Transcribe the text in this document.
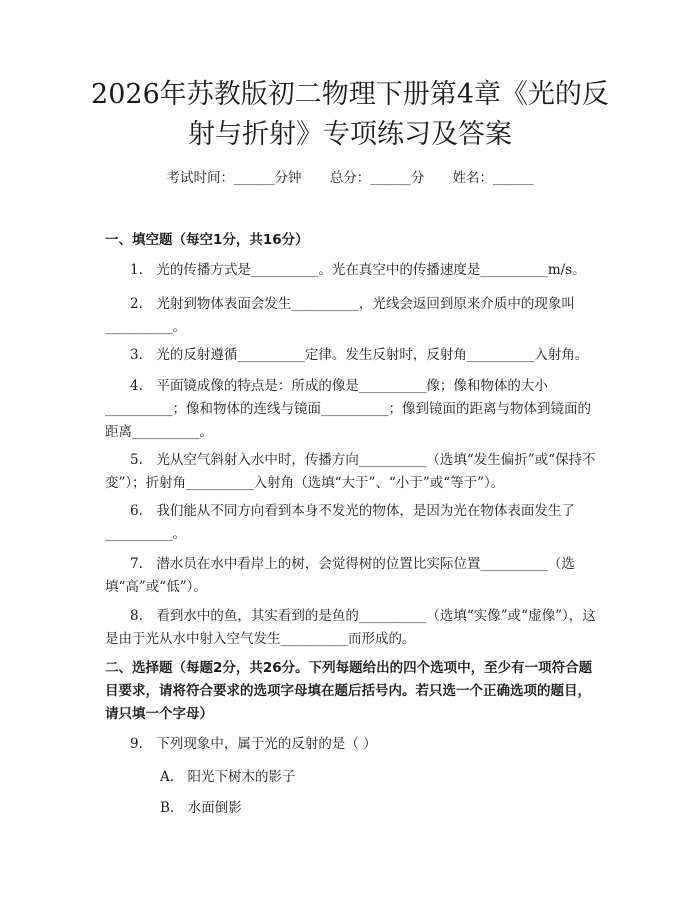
2026年苏教版初二物理下册第4章《光的反
射与折射》专项练习及答案
考试时间：______分钟 总分：______分 姓名：______
一、填空题（每空1分，共16分）
1.　光的传播方式是__________。光在真空中的传播速度是__________m/s。
2.　光射到物体表面会发生__________，光线会返回到原来介质中的现象叫__________。
3.　光的反射遵循__________定律。发生反射时，反射角__________入射角。
4.　平面镜成像的特点是：所成的像是__________像；像和物体的大小__________；像和物体的连线与镜面__________；像到镜面的距离与物体到镜面的距离__________。
5.　光从空气斜射入水中时，传播方向__________（选填“发生偏折”或“保持不变”）；折射角__________入射角（选填“大于”、“小于”或“等于”）。
6.　我们能从不同方向看到本身不发光的物体，是因为光在物体表面发生了__________。
7.　潜水员在水中看岸上的树，会觉得树的位置比实际位置__________（选填“高”或“低”）。
8.　看到水中的鱼，其实看到的是鱼的__________（选填“实像”或“虚像”），这是由于光从水中射入空气发生__________而形成的。
二、选择题（每题2分，共26分。下列每题给出的四个选项中，至少有一项符合题目要求，请将符合要求的选项字母填在题后括号内。若只选一个正确选项的题目，请只填一个字母）
9.　下列现象中，属于光的反射的是（ ）
A.　阳光下树木的影子
B.　水面倒影
